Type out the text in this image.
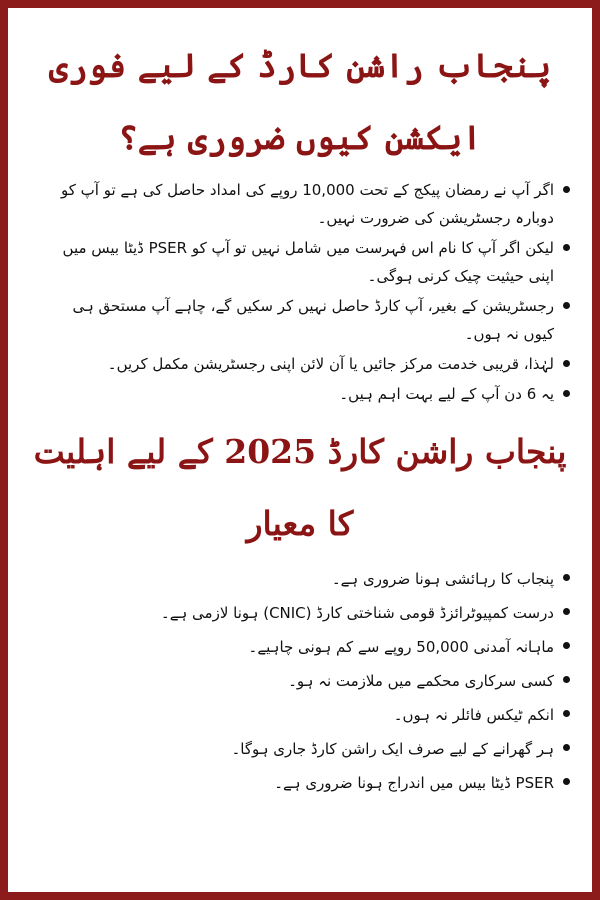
پنجاب راشن کارڈ کے لیے فوری ایکشن کیوں ضروری ہے؟
اگر آپ نے رمضان پیکج کے تحت 10,000 روپے کی امداد حاصل کی ہے تو آپ کو دوبارہ رجسٹریشن کی ضرورت نہیں۔
لیکن اگر آپ کا نام اس فہرست میں شامل نہیں تو آپ کو PSER ڈیٹا بیس میں اپنی حیثیت چیک کرنی ہوگی۔
رجسٹریشن کے بغیر، آپ کارڈ حاصل نہیں کر سکیں گے، چاہے آپ مستحق ہی کیوں نہ ہوں۔
لہٰذا، قریبی خدمت مرکز جائیں یا آن لائن اپنی رجسٹریشن مکمل کریں۔
یہ 6 دن آپ کے لیے بہت اہم ہیں۔
پنجاب راشن کارڈ 2025 کے لیے اہلیت کا معیار
پنجاب کا رہائشی ہونا ضروری ہے۔
درست کمپیوٹرائزڈ قومی شناختی کارڈ (CNIC) ہونا لازمی ہے۔
ماہانہ آمدنی 50,000 روپے سے کم ہونی چاہیے۔
کسی سرکاری محکمے میں ملازمت نہ ہو۔
انکم ٹیکس فائلر نہ ہوں۔
ہر گھرانے کے لیے صرف ایک راشن کارڈ جاری ہوگا۔
PSER ڈیٹا بیس میں اندراج ہونا ضروری ہے۔
